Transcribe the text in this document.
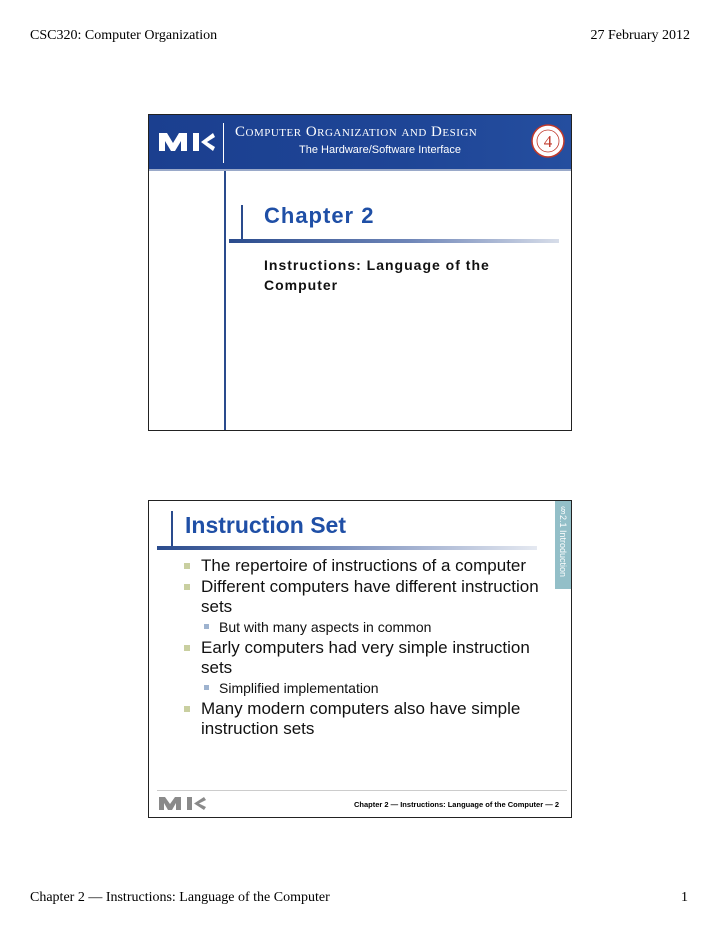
CSC320: Computer Organization	27 February 2012
Computer Organization and Design
The Hardware/Software Interface	4
Chapter 2
Instructions: Language of the Computer
§2.1 Introduction
Instruction Set
The repertoire of instructions of a computer
Different computers have different instruction sets
But with many aspects in common
Early computers had very simple instruction sets
Simplified implementation
Many modern computers also have simple instruction sets
Chapter 2 — Instructions: Language of the Computer — 2
Chapter 2 — Instructions: Language of the Computer	1
